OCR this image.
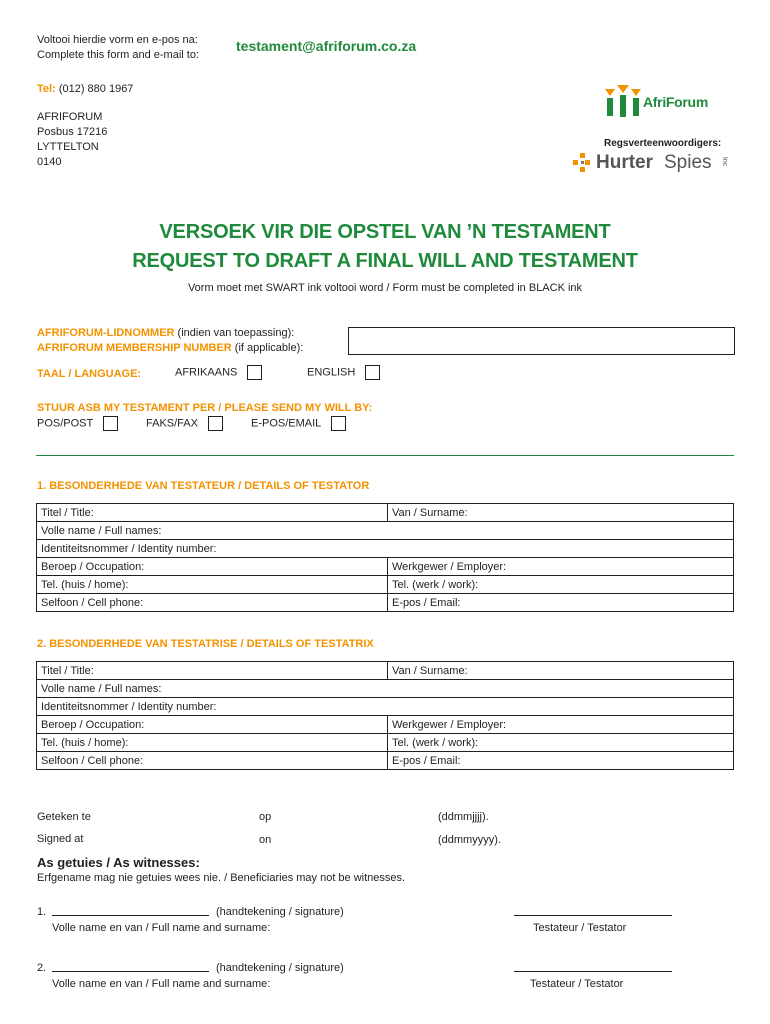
Voltooi hierdie vorm en e-pos na:
Complete this form and e-mail to:
testament@afriforum.co.za
Tel: (012) 880 1967
AFRIFORUM
Posbus 17216
LYTTELTON
0140
AfriForum
Regsverteenwoordigers:
Hurter Spies Inc
VERSOEK VIR DIE OPSTEL VAN ’N TESTAMENT
REQUEST TO DRAFT A FINAL WILL AND TESTAMENT
Vorm moet met SWART ink voltooi word / Form must be completed in BLACK ink
AFRIFORUM-LIDNOMMER (indien van toepassing):
AFRIFORUM MEMBERSHIP NUMBER (if applicable):
TAAL / LANGUAGE:	AFRIKAANS	ENGLISH
STUUR ASB MY TESTAMENT PER / PLEASE SEND MY WILL BY:
POS/POST	FAKS/FAX	E-POS/EMAIL
1. BESONDERHEDE VAN TESTATEUR / DETAILS OF TESTATOR
Titel / Title:	Van / Surname:
Volle name / Full names:	
Identiteitsnommer / Identity number:	
Beroep / Occupation:	Werkgewer / Employer:
Tel. (huis / home):	Tel. (werk / work):
Selfoon / Cell phone:	E-pos / Email:
2. BESONDERHEDE VAN TESTATRISE / DETAILS OF TESTATRIX
Titel / Title:	Van / Surname:
Volle name / Full names:	
Identiteitsnommer / Identity number:	
Beroep / Occupation:	Werkgewer / Employer:
Tel. (huis / home):	Tel. (werk / work):
Selfoon / Cell phone:	E-pos / Email:
Geteken te	op	(ddmmjjjj).
Signed at	on	(ddmmyyyy).
As getuies / As witnesses:
Erfgename mag nie getuies wees nie. / Beneficiaries may not be witnesses.
1.	(handtekening / signature)
Volle name en van / Full name and surname:	Testateur / Testator
2.	(handtekening / signature)
Volle name en van / Full name and surname:	Testateur / Testator
